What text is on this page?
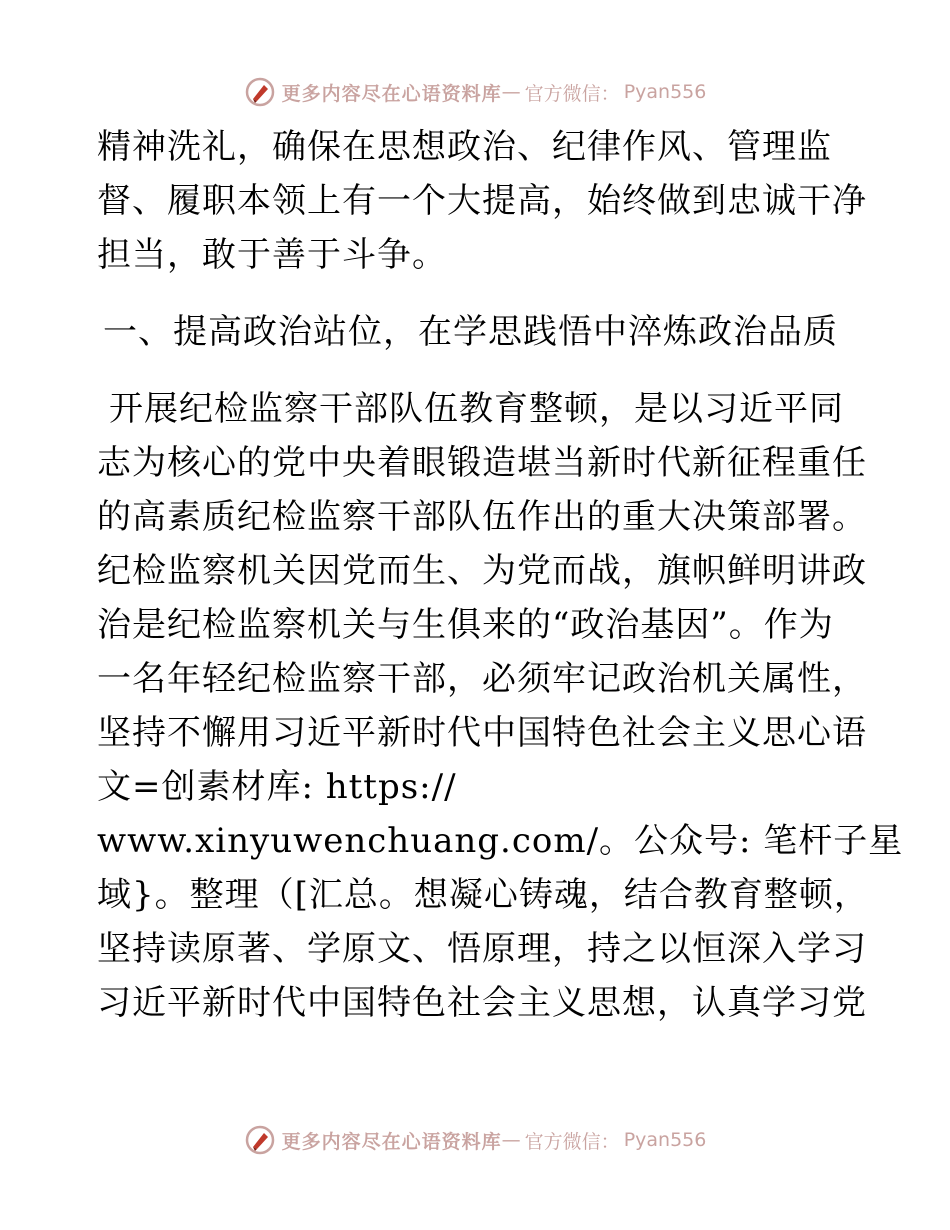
更多内容尽在心语资料库 — 官方微信： Pyan556
精神洗礼，确保在思想政治、纪律作风、管理监
督、履职本领上有一个大提高，始终做到忠诚干净
担当，敢于善于斗争。
一、提高政治站位，在学思践悟中淬炼政治品质
开展纪检监察干部队伍教育整顿，是以习近平同
志为核心的党中央着眼锻造堪当新时代新征程重任
的高素质纪检监察干部队伍作出的重大决策部署。
纪检监察机关因党而生、为党而战，旗帜鲜明讲政
治是纪检监察机关与生俱来的“政治基因”。作为
一名年轻纪检监察干部，必须牢记政治机关属性，
坚持不懈用习近平新时代中国特色社会主义思心语
文=创素材库: https://
www.xinyuwenchuang.com/。公众号: 笔杆子星
域}。整理（[汇总。想凝心铸魂，结合教育整顿，
坚持读原著、学原文、悟原理，持之以恒深入学习
习近平新时代中国特色社会主义思想，认真学习党
更多内容尽在心语资料库 — 官方微信： Pyan556
